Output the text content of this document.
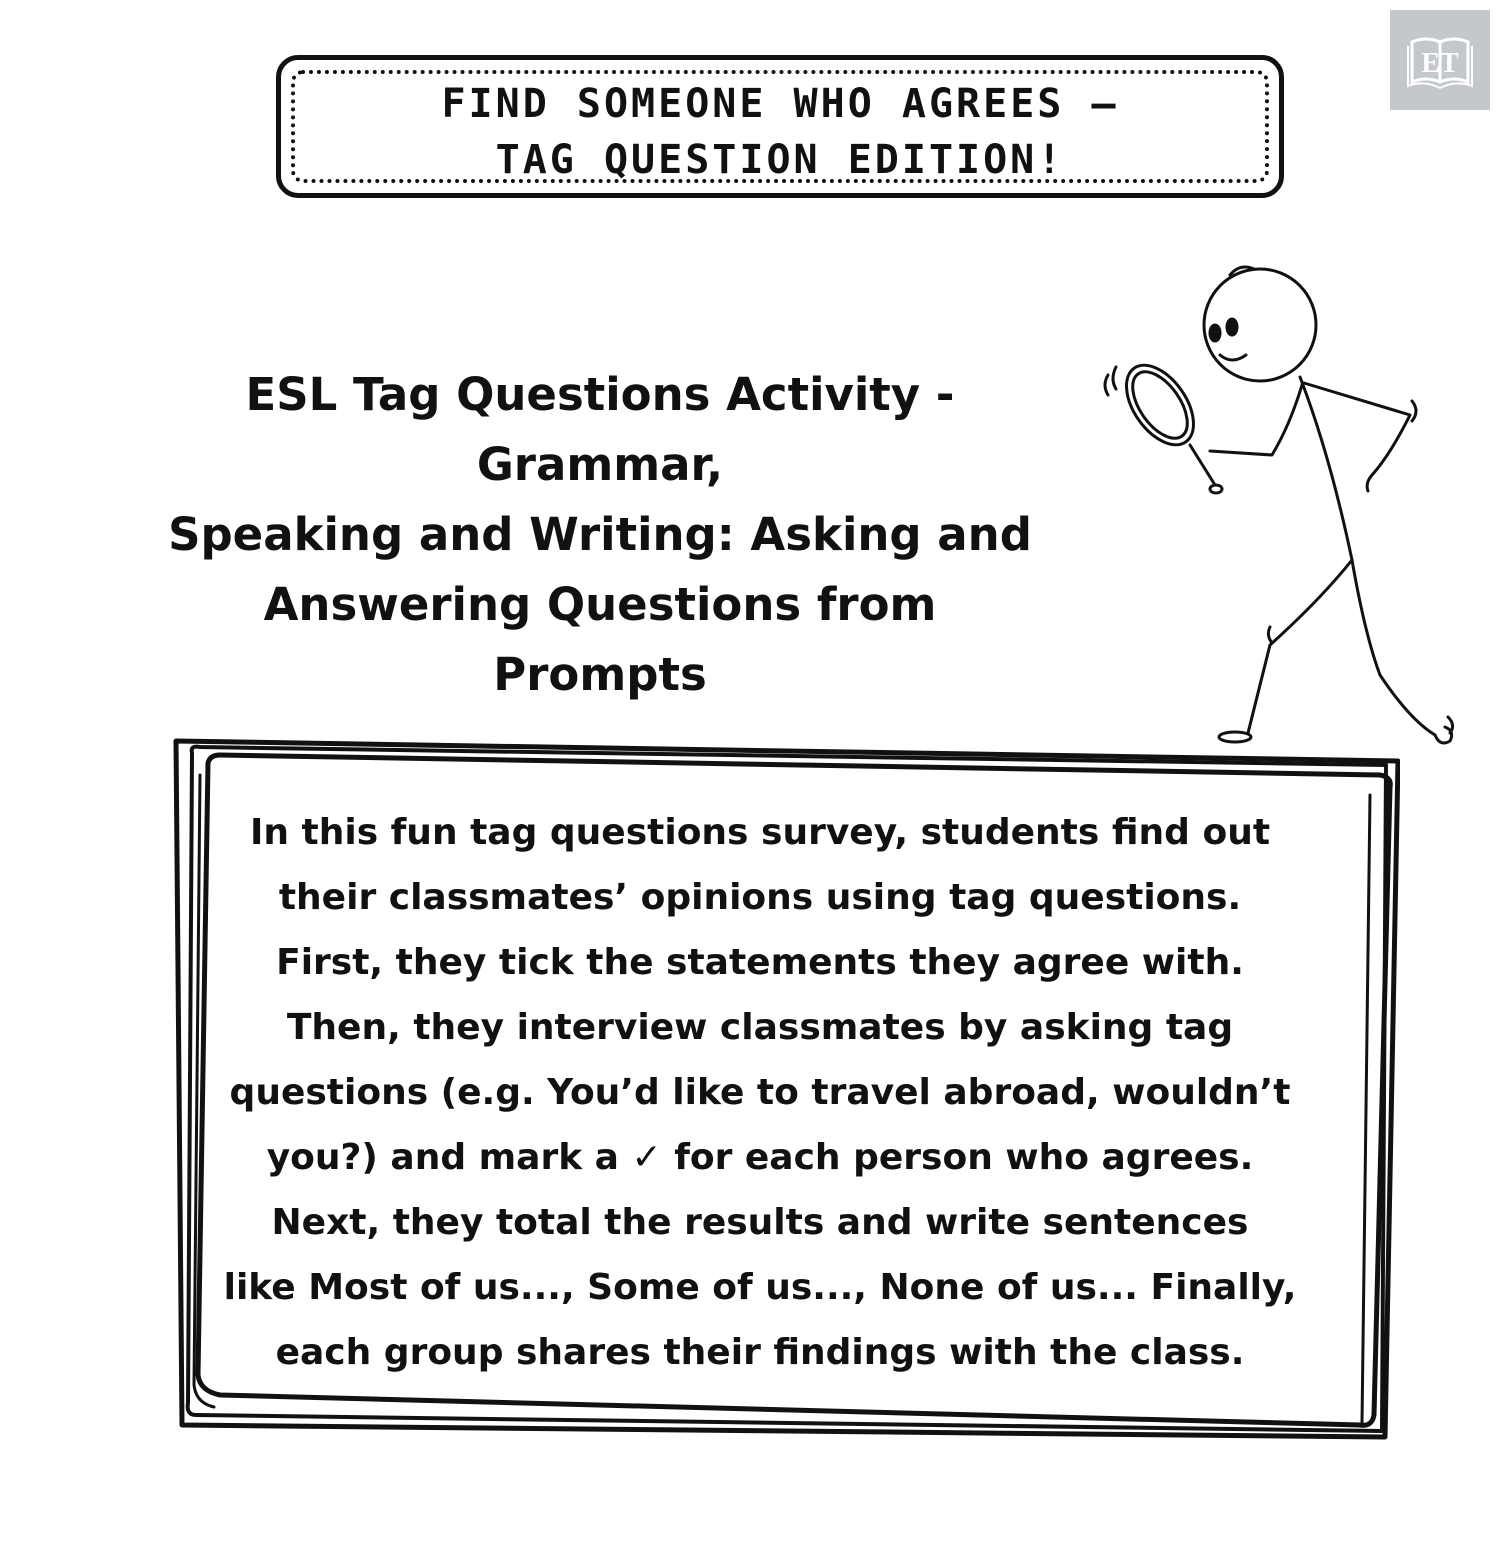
FIND SOMEONE WHO AGREES –
TAG QUESTION EDITION!
ET
ESL Tag Questions Activity - Grammar,
Speaking and Writing: Asking and
Answering Questions from Prompts
In this fun tag questions survey, students find out
their classmates’ opinions using tag questions.
First, they tick the statements they agree with.
Then, they interview classmates by asking tag
questions (e.g. You’d like to travel abroad, wouldn’t
you?) and mark a ✓ for each person who agrees.
Next, they total the results and write sentences
like Most of us..., Some of us..., None of us... Finally,
each group shares their findings with the class.
